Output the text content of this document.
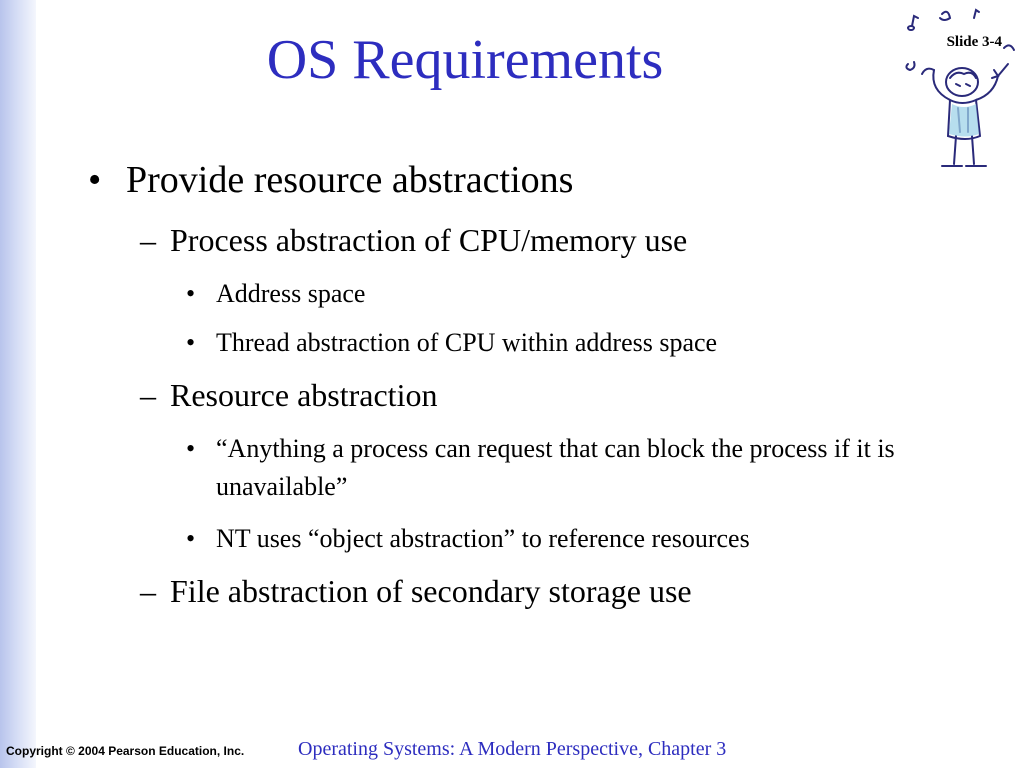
OS Requirements	Slide 3-4
• Provide resource abstractions
– Process abstraction of CPU/memory use
• Address space
• Thread abstraction of CPU within address space
– Resource abstraction
• “Anything a process can request that can block the process if it is unavailable”
• NT uses “object abstraction” to reference resources
– File abstraction of secondary storage use
Copyright © 2004 Pearson Education, Inc.	Operating Systems: A Modern Perspective, Chapter 3
